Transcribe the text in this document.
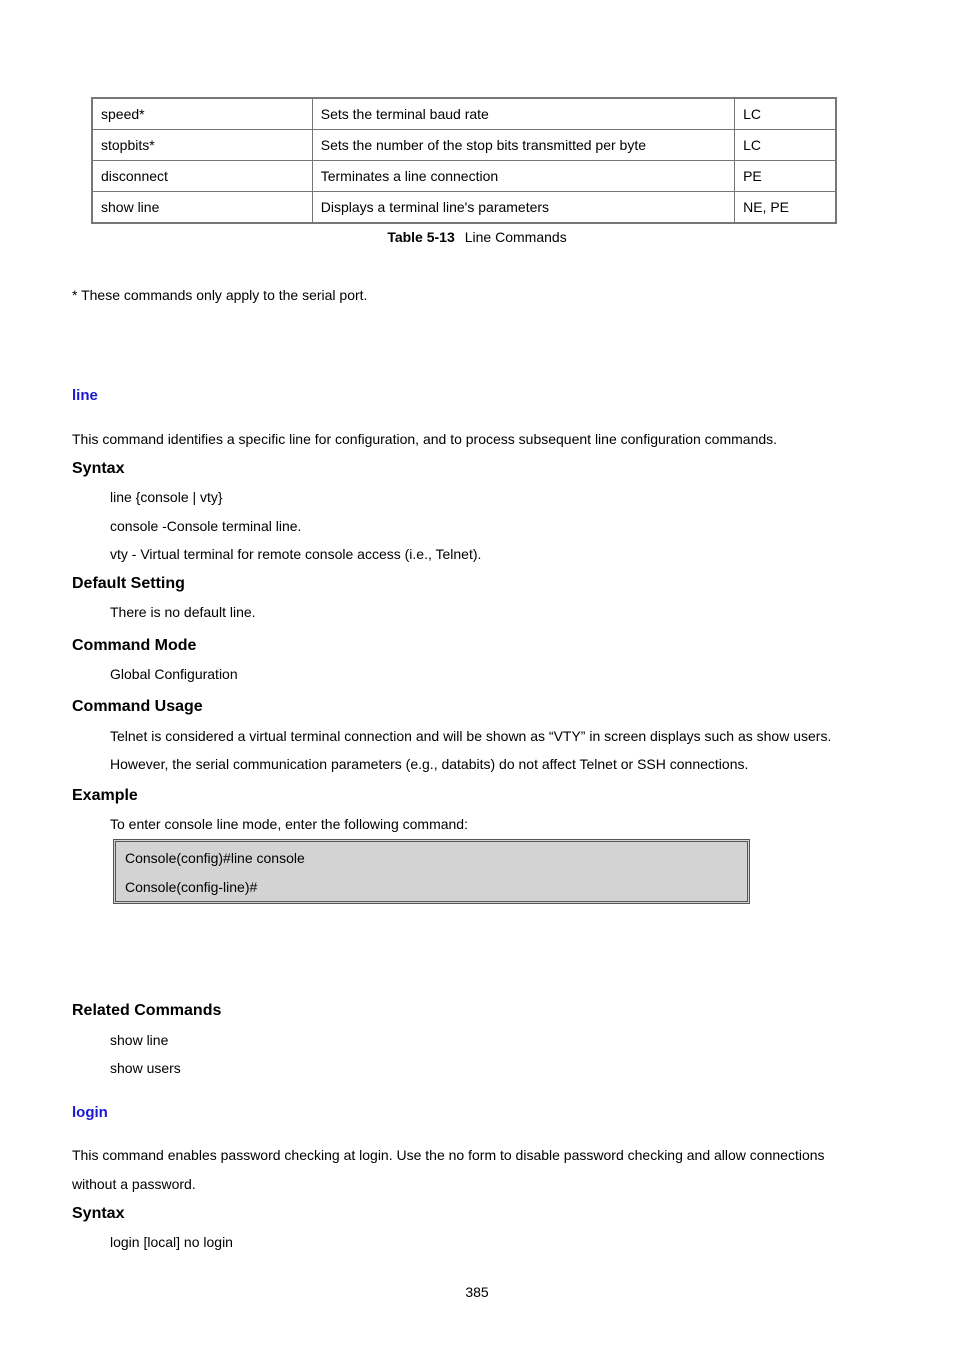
speed*	Sets the terminal baud rate	LC
stopbits*	Sets the number of the stop bits transmitted per byte	LC
disconnect	Terminates a line connection	PE
show line	Displays a terminal line's parameters	NE, PE
Table 5-13 Line Commands
* These commands only apply to the serial port.
line
This command identifies a specific line for configuration, and to process subsequent line configuration commands.
Syntax
line {console | vty}
console -Console terminal line.
vty - Virtual terminal for remote console access (i.e., Telnet).
Default Setting
There is no default line.
Command Mode
Global Configuration
Command Usage
Telnet is considered a virtual terminal connection and will be shown as “VTY” in screen displays such as show users.
However, the serial communication parameters (e.g., databits) do not affect Telnet or SSH connections.
Example
To enter console line mode, enter the following command:
Console(config)#line console
Console(config-line)#
Related Commands
show line
show users
login
This command enables password checking at login. Use the no form to disable password checking and allow connections
without a password.
Syntax
login [local] no login
385
